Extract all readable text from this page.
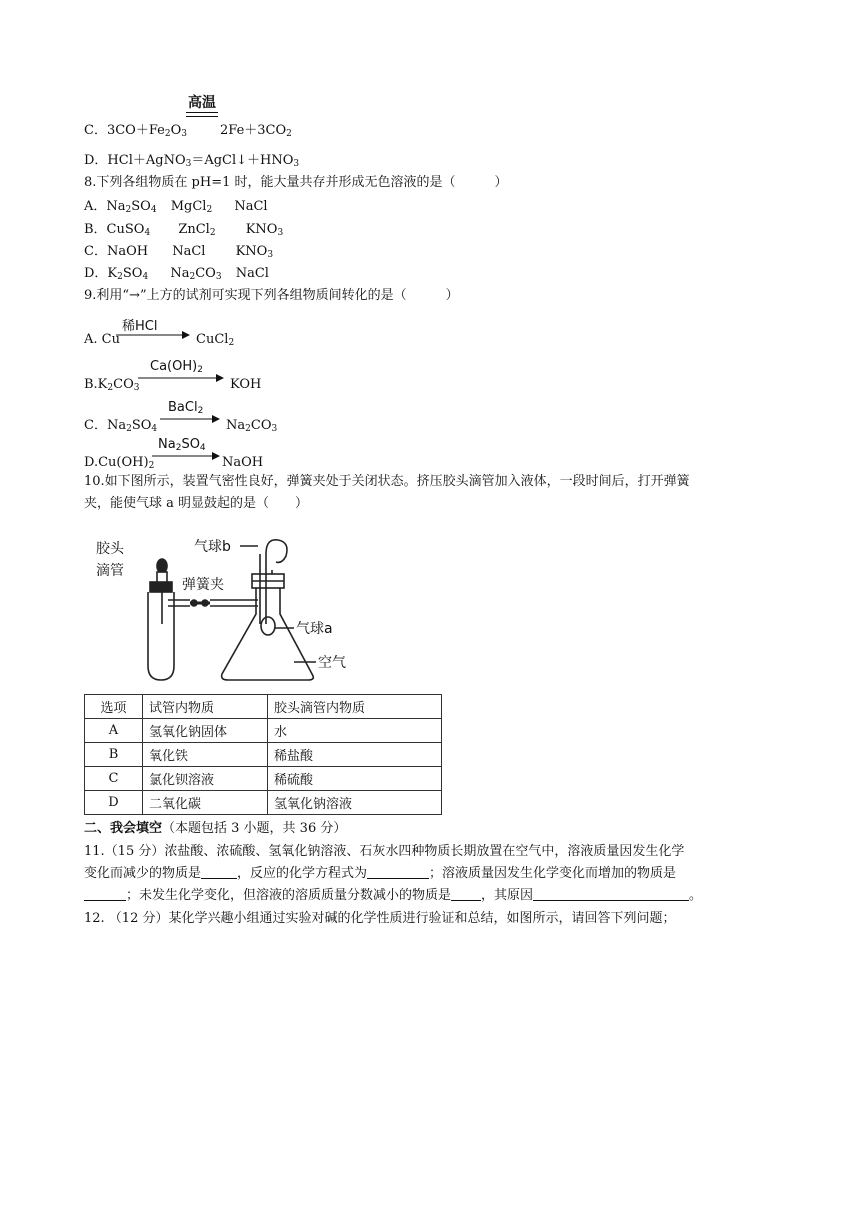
高温
C．$3CO+Fe_2O_3$	$2Fe+3CO_2$
D．$HCl+AgNO_3=AgCl↓+HNO_3$
8.下列各组物质在 pH=1 时，能大量共存并形成无色溶液的是（　　　）
A．$Na_2SO_4$ MgCl$_2$ NaCl
B．CuSO$_4$ ZnCl$_2$ $KNO_3$
C．NaOH NaCl $KNO_3$
D．$K_2SO_4$ $Na_2CO_3$ NaCl
9.利用“→”上方的试剂可实现下列各组物质间转化的是（　　　）
A. Cu
稀HCl
CuCl$_2$
$B.K_2CO_3$
$Ca(OH)_2$
KOH
C．$Na_2SO_4$
BaCl$_2$
→ $Na_2CO_3$
$D.Cu(OH)_2$
$Na_2SO_4$
NaOH
10.如下图所示，装置气密性良好，弹簧夹处于关闭状态。挤压胶头滴管加入液体，一段时间后，打开弹簧
夹，能使气球 a 明显鼓起的是（　　）
胶头
滴管
弹簧夹
气球b
气球a
空气
选项	试管内物质	胶头滴管内物质
A	氢氧化钠固体	水
B	氧化铁	稀盐酸
C	氯化钡溶液	稀硫酸
D	二氧化碳	氢氧化钠溶液
二、我会填空（本题包括 3 小题，共 36 分）
11.（15 分）浓盐酸、浓硫酸、氢氧化钠溶液、石灰水四种物质长期放置在空气中，溶液质量因发生化学
变化而减少的物质是	，反应的化学方程式为	；溶液质量因发生化学变化而增加的物质是
；未发生化学变化，但溶液的溶质质量分数减小的物质是 ，其原因	。
12. （12 分）某化学兴趣小组通过实验对碱的化学性质进行验证和总结，如图所示，请回答下列问题；
